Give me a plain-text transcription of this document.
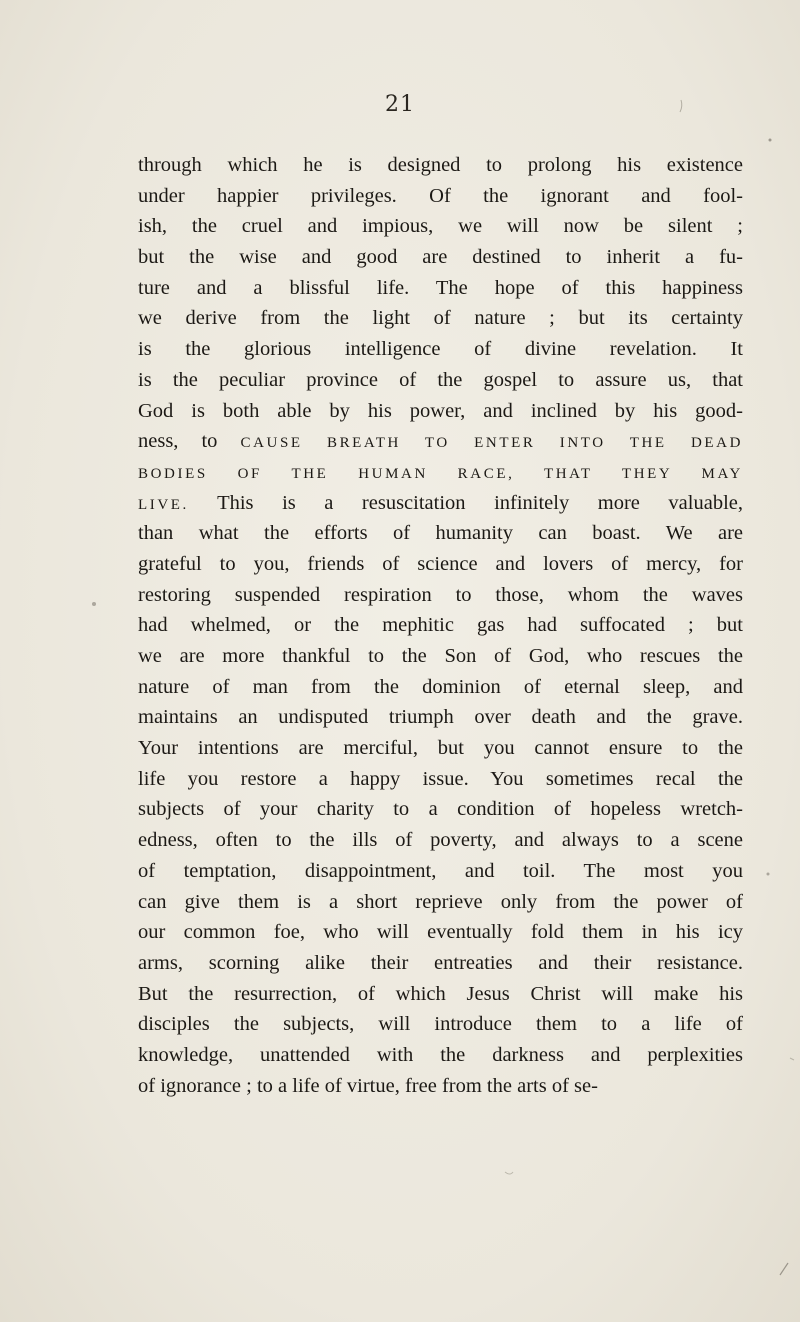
21
through which he is designed to prolong his existence
under happier privileges. Of the ignorant and fool-
ish, the cruel and impious, we will now be silent ;
but the wise and good are destined to inherit a fu-
ture and a blissful life. The hope of this happiness
we derive from the light of nature ; but its certainty
is the glorious intelligence of divine revelation. It
is the peculiar province of the gospel to assure us, that
God is both able by his power, and inclined by his good-
ness, to CAUSE BREATH TO ENTER INTO THE DEAD
BODIES OF THE HUMAN RACE, THAT THEY MAY
LIVE. This is a resuscitation infinitely more valuable,
than what the efforts of humanity can boast. We are
grateful to you, friends of science and lovers of mercy, for
restoring suspended respiration to those, whom the waves
had whelmed, or the mephitic gas had suffocated ; but
we are more thankful to the Son of God, who rescues the
nature of man from the dominion of eternal sleep, and
maintains an undisputed triumph over death and the grave.
Your intentions are merciful, but you cannot ensure to the
life you restore a happy issue. You sometimes recal the
subjects of your charity to a condition of hopeless wretch-
edness, often to the ills of poverty, and always to a scene
of temptation, disappointment, and toil. The most you
can give them is a short reprieve only from the power of
our common foe, who will eventually fold them in his icy
arms, scorning alike their entreaties and their resistance.
But the resurrection, of which Jesus Christ will make his
disciples the subjects, will introduce them to a life of
knowledge, unattended with the darkness and perplexities
of ignorance ; to a life of virtue, free from the arts of se-
